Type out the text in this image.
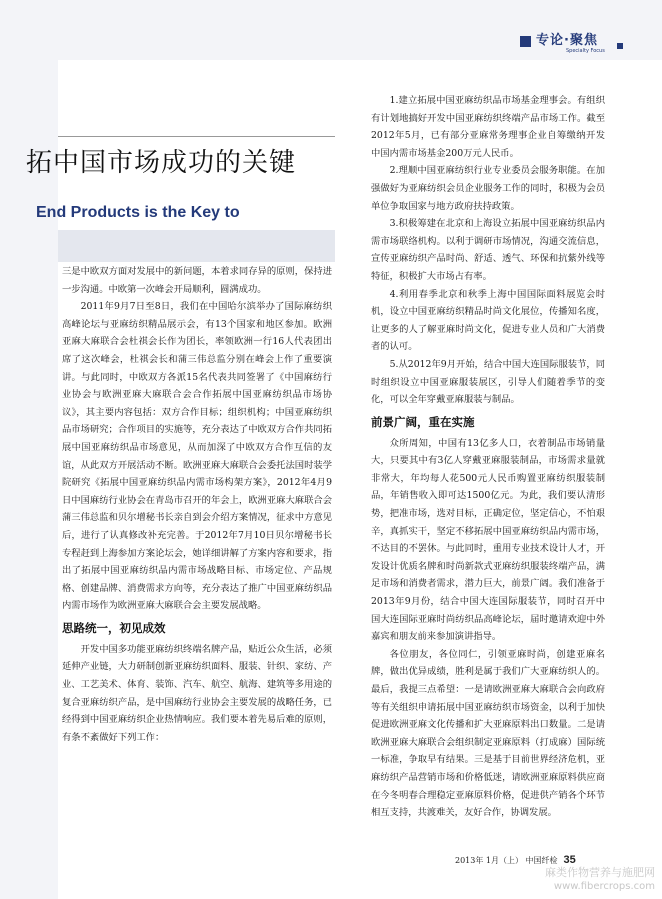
专论·聚焦
Specialty Focus
拓中国市场成功的关键
End Products is the Key to

三是中欧双方面对发展中的新问题，本着求同存异的原则，保持进一步沟通。中欧第一次峰会开局顺利，圆满成功。

2011年9月7日至8日，我们在中国哈尔滨举办了国际麻纺织高峰论坛与亚麻纺织精品展示会，有13个国家和地区参加。欧洲亚麻大麻联合会杜祺会长作为团长，率领欧洲一行16人代表团出席了这次峰会，杜祺会长和蒲三伟总监分别在峰会上作了重要演讲。与此同时，中欧双方各派15名代表共同签署了《中国麻纺行业协会与欧洲亚麻大麻联合会合作拓展中国亚麻纺织品市场协议》，其主要内容包括：双方合作目标；组织机构；中国亚麻纺织品市场研究；合作项目的实施等，充分表达了中欧双方合作共同拓展中国亚麻纺织品市场意见，从而加深了中欧双方合作互信的友谊，从此双方开展活动不断。欧洲亚麻大麻联合会委托法国时装学院研究《拓展中国亚麻纺织品内需市场构架方案》，2012年4月9日中国麻纺行业协会在青岛市召开的年会上，欧洲亚麻大麻联合会蒲三伟总监和贝尔增秘书长亲自到会介绍方案情况，征求中方意见后，进行了认真修改补充完善。于2012年7月10日贝尔增秘书长专程赶到上海参加方案论坛会，她详细讲解了方案内容和要求，指出了拓展中国亚麻纺织品内需市场战略目标、市场定位、产品规格、创建品牌、消费需求方向等，充分表达了推广中国亚麻纺织品内需市场作为欧洲亚麻大麻联合会主要发展战略。

思路统一，初见成效

开发中国多功能亚麻纺织终端名牌产品，贴近公众生活，必须延伸产业链，大力研制创新亚麻纺织面料、服装、针织、家纺、产业、工艺美术、体育、装饰、汽车、航空、航海、建筑等多用途的复合亚麻纺织产品，是中国麻纺行业协会主要发展的战略任务，已经得到中国亚麻纺织企业热情响应。我们要本着先易后难的原则，有条不紊做好下列工作：

1.建立拓展中国亚麻纺织品市场基金理事会。有组织有计划地搞好开发中国亚麻纺织终端产品市场工作。截至2012年5月，已有部分亚麻常务理事企业自筹缴纳开发中国内需市场基金200万元人民币。

2.理顺中国亚麻纺织行业专业委员会服务职能。在加强做好为亚麻纺织会员企业服务工作的同时，积极为会员单位争取国家与地方政府扶持政策。

3.积极筹建在北京和上海设立拓展中国亚麻纺织品内需市场联络机构。以利于调研市场情况，沟通交流信息，宣传亚麻纺织产品时尚、舒适、透气、环保和抗紫外线等特征，积极扩大市场占有率。

4.利用春季北京和秋季上海中国国际面料展览会时机，设立中国亚麻纺织精品时尚文化展位，传播知名度，让更多的人了解亚麻时尚文化，促进专业人员和广大消费者的认可。

5.从2012年9月开始，结合中国大连国际服装节，同时组织设立中国亚麻服装展区，引导人们随着季节的变化，可以全年穿戴亚麻服装与制品。

前景广阔，重在实施

众所周知，中国有13亿多人口，衣着制品市场销量大，只要其中有3亿人穿戴亚麻服装制品，市场需求量就非常大，年均每人花500元人民币购置亚麻纺织服装制品，年销售收入即可达1500亿元。为此，我们要认清形势，把准市场，选对目标，正确定位，坚定信心，不怕艰辛，真抓实干，坚定不移拓展中国亚麻纺织品内需市场，不达目的不罢休。与此同时，重用专业技术设计人才，开发设计优质名牌和时尚新款式亚麻纺织服装终端产品，满足市场和消费者需求，潜力巨大，前景广阔。我们准备于2013年9月份，结合中国大连国际服装节，同时召开中国大连国际亚麻时尚纺织品高峰论坛，届时邀请欢迎中外嘉宾和朋友前来参加演讲指导。

各位朋友，各位同仁，引领亚麻时尚，创建亚麻名牌，做出优异成绩，胜利是属于我们广大亚麻纺织人的。最后，我提三点希望：一是请欧洲亚麻大麻联合会向政府等有关组织申请拓展中国亚麻纺织市场资金，以利于加快促进欧洲亚麻文化传播和扩大亚麻原料出口数量。二是请欧洲亚麻大麻联合会组织制定亚麻原料（打成麻）国际统一标准，争取早有结果。三是基于目前世界经济危机，亚麻纺织产品营销市场和价格低迷，请欧洲亚麻原料供应商在今冬明春合理稳定亚麻原料价格，促进供产销各个环节相互支持，共渡难关，友好合作，协调发展。

2013年 1月（上） 中国纤检 35
麻类作物营养与施肥网
www.fibercrops.com
